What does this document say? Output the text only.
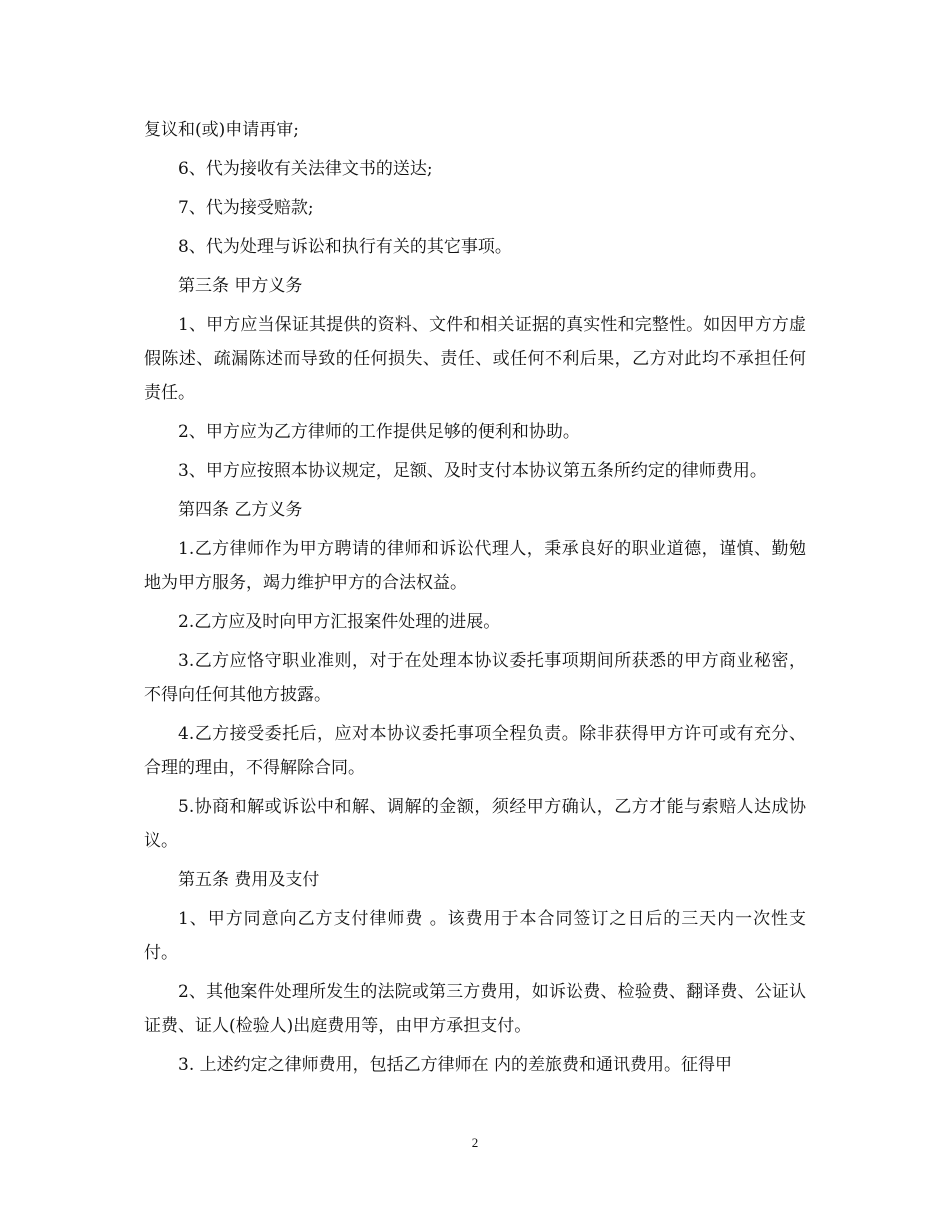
复议和(或)申请再审;

6、代为接收有关法律文书的送达;

7、代为接受赔款;

8、代为处理与诉讼和执行有关的其它事项。

第三条 甲方义务

1、甲方应当保证其提供的资料、文件和相关证据的真实性和完整性。如因甲方方虚假陈述、疏漏陈述而导致的任何损失、责任、或任何不利后果，乙方对此均不承担任何责任。

2、甲方应为乙方律师的工作提供足够的便利和协助。

3、甲方应按照本协议规定，足额、及时支付本协议第五条所约定的律师费用。

第四条 乙方义务

1.乙方律师作为甲方聘请的律师和诉讼代理人，秉承良好的职业道德，谨慎、勤勉地为甲方服务，竭力维护甲方的合法权益。

2.乙方应及时向甲方汇报案件处理的进展。

3.乙方应恪守职业准则，对于在处理本协议委托事项期间所获悉的甲方商业秘密，不得向任何其他方披露。

4.乙方接受委托后，应对本协议委托事项全程负责。除非获得甲方许可或有充分、合理的理由，不得解除合同。

5.协商和解或诉讼中和解、调解的金额，须经甲方确认，乙方才能与索赔人达成协议。

第五条 费用及支付

1、甲方同意向乙方支付律师费 。该费用于本合同签订之日后的三天内一次性支付。

2、其他案件处理所发生的法院或第三方费用，如诉讼费、检验费、翻译费、公证认证费、证人(检验人)出庭费用等，由甲方承担支付。

3. 上述约定之律师费用，包括乙方律师在 内的差旅费和通讯费用。征得甲

2
